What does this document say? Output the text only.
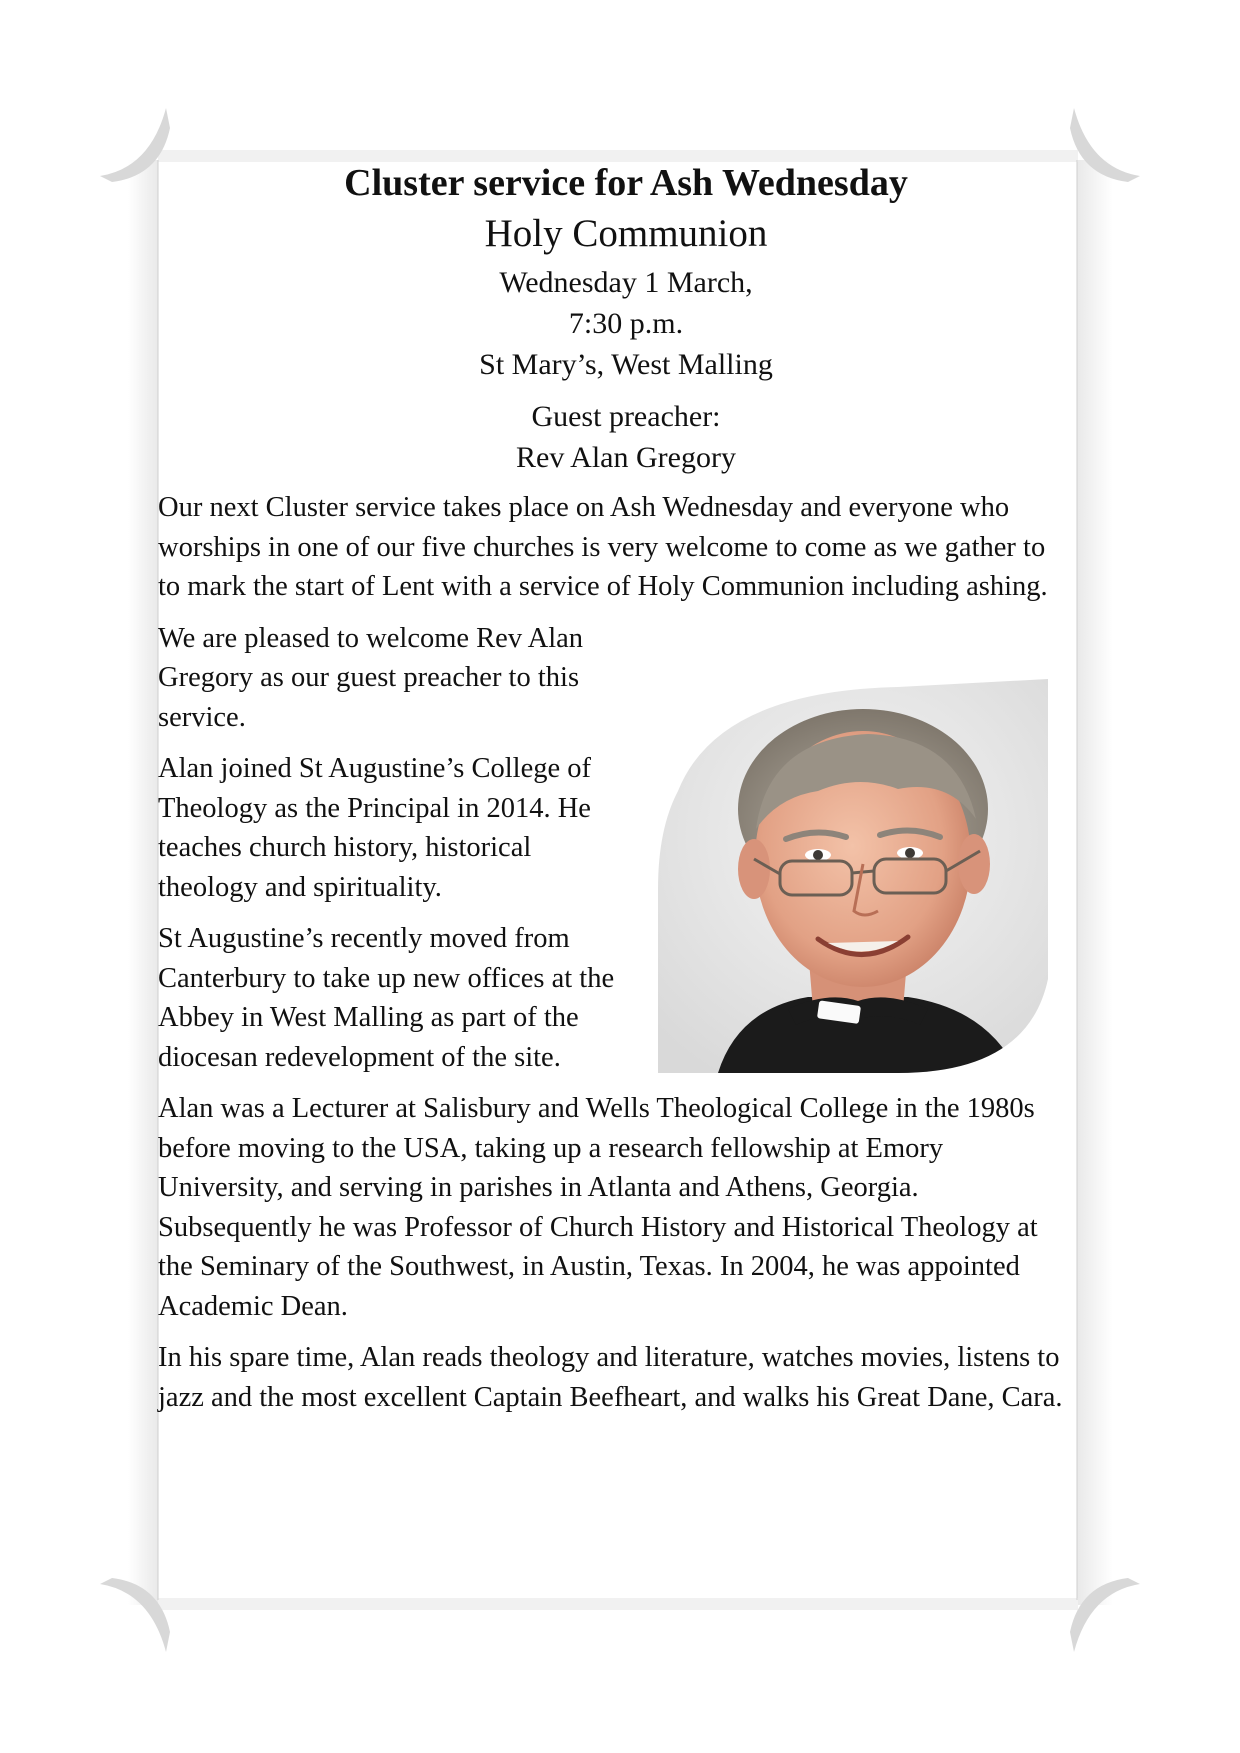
Cluster service for Ash Wednesday
Holy Communion
Wednesday 1 March,
7:30 p.m.
St Mary’s, West Malling
Guest preacher:
Rev Alan Gregory

Our next Cluster service takes place on Ash Wednesday and everyone who worships in one of our five churches is very welcome to come as we gather to to mark the start of Lent with a service of Holy Communion including ashing.

We are pleased to welcome Rev Alan Gregory as our guest preacher to this service.

Alan joined St Augustine’s College of Theology as the Principal in 2014. He teaches church history, historical theology and spirituality.

St Augustine’s recently moved from Canterbury to take up new offices at the Abbey in West Malling as part of the diocesan redevelopment of the site.

Alan was a Lecturer at Salisbury and Wells Theological College in the 1980s before moving to the USA, taking up a research fellowship at Emory University, and serving in parishes in Atlanta and Athens, Georgia. Subsequently he was Professor of Church History and Historical Theology at the Seminary of the Southwest, in Austin, Texas. In 2004, he was appointed Academic Dean.

In his spare time, Alan reads theology and literature, watches movies, listens to jazz and the most excellent Captain Beefheart, and walks his Great Dane, Cara.
